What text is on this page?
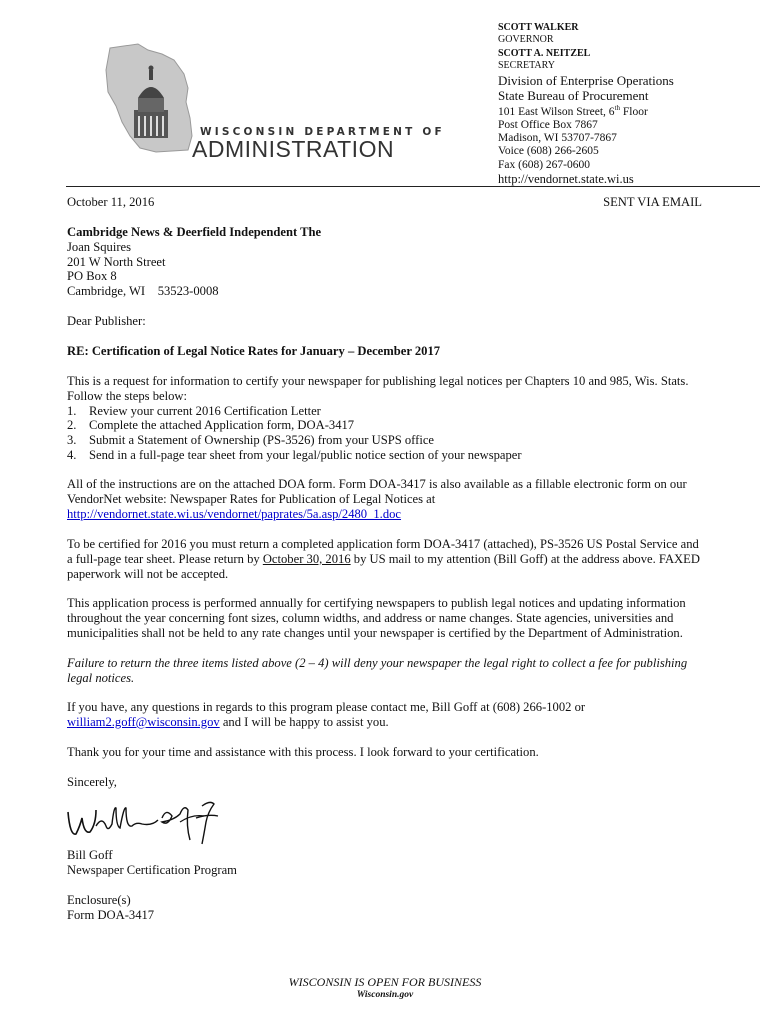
WISCONSIN DEPARTMENT OF
ADMINISTRATION
SCOTT WALKER
GOVERNOR
SCOTT A. NEITZEL
SECRETARY
Division of Enterprise Operations
State Bureau of Procurement
101 East Wilson Street, 6th Floor
Post Office Box 7867
Madison, WI 53707-7867
Voice (608) 266-2605
Fax (608) 267-0600
http://vendornet.state.wi.us
October 11, 2016	SENT VIA EMAIL
Cambridge News & Deerfield Independent The
Joan Squires
201 W North Street
PO Box 8
Cambridge, WI    53523-0008
Dear Publisher:
RE: Certification of Legal Notice Rates for January – December 2017
This is a request for information to certify your newspaper for publishing legal notices per Chapters 10 and 985, Wis. Stats.
Follow the steps below:
1. Review your current 2016 Certification Letter
2. Complete the attached Application form, DOA-3417
3. Submit a Statement of Ownership (PS-3526) from your USPS office
4. Send in a full-page tear sheet from your legal/public notice section of your newspaper
All of the instructions are on the attached DOA form. Form DOA-3417 is also available as a fillable electronic form on our
VendorNet website: Newspaper Rates for Publication of Legal Notices at
http://vendornet.state.wi.us/vendornet/paprates/5a.asp/2480_1.doc
To be certified for 2016 you must return a completed application form DOA-3417 (attached), PS-3526 US Postal Service and
a full-page tear sheet. Please return by October 30, 2016 by US mail to my attention (Bill Goff) at the address above. FAXED
paperwork will not be accepted.
This application process is performed annually for certifying newspapers to publish legal notices and updating information
throughout the year concerning font sizes, column widths, and address or name changes. State agencies, universities and
municipalities shall not be held to any rate changes until your newspaper is certified by the Department of Administration.
Failure to return the three items listed above (2 – 4) will deny your newspaper the legal right to collect a fee for publishing
legal notices.
If you have, any questions in regards to this program please contact me, Bill Goff at (608) 266-1002 or
william2.goff@wisconsin.gov and I will be happy to assist you.
Thank you for your time and assistance with this process. I look forward to your certification.
Sincerely,
Bill Goff
Newspaper Certification Program
Enclosure(s)
Form DOA-3417
WISCONSIN IS OPEN FOR BUSINESS
Wisconsin.gov
